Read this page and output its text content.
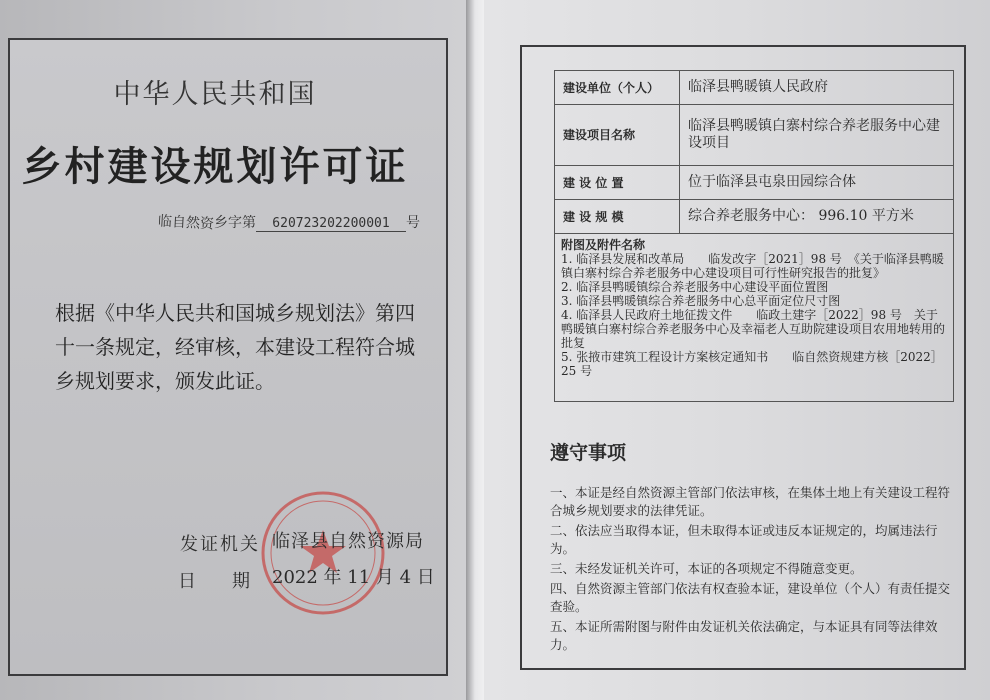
中华人民共和国
乡村建设规划许可证
临自然资乡字第 620723202200001 号
根据《中华人民共和国城乡规划法》第四十一条规定，经审核，本建设工程符合城乡规划要求，颁发此证。
发证机关 临泽县自然资源局
日 期	2022 年 11 月 4 日
建设单位（个人）	临泽县鸭暖镇人民政府
建设项目名称	临泽县鸭暖镇白寨村综合养老服务中心建设项目
建 设 位 置	位于临泽县屯泉田园综合体
建 设 规 模	综合养老服务中心： 996.10 平方米
附图及附件名称

1. 临泽县发展和改革局　　临发改字［2021］98 号　《关于临泽县鸭暖镇白寨村综合养老服务中心建设项目可行性研究报告的批复》

2. 临泽县鸭暖镇综合养老服务中心建设平面位置图

3. 临泽县鸭暖镇综合养老服务中心总平面定位尺寸图

4. 临泽县人民政府土地征拨文件　　临政土建字［2022］98 号　关于鸭暖镇白寨村综合养老服务中心及幸福老人互助院建设项目农用地转用的批复

5. 张掖市建筑工程设计方案核定通知书　　临自然资规建方核［2022］25 号

遵守事项

一、本证是经自然资源主管部门依法审核，在集体土地上有关建设工程符合城乡规划要求的法律凭证。

二、依法应当取得本证，但未取得本证或违反本证规定的，均属违法行为。

三、未经发证机关许可，本证的各项规定不得随意变更。

四、自然资源主管部门依法有权查验本证，建设单位（个人）有责任提交查验。

五、本证所需附图与附件由发证机关依法确定，与本证具有同等法律效力。
